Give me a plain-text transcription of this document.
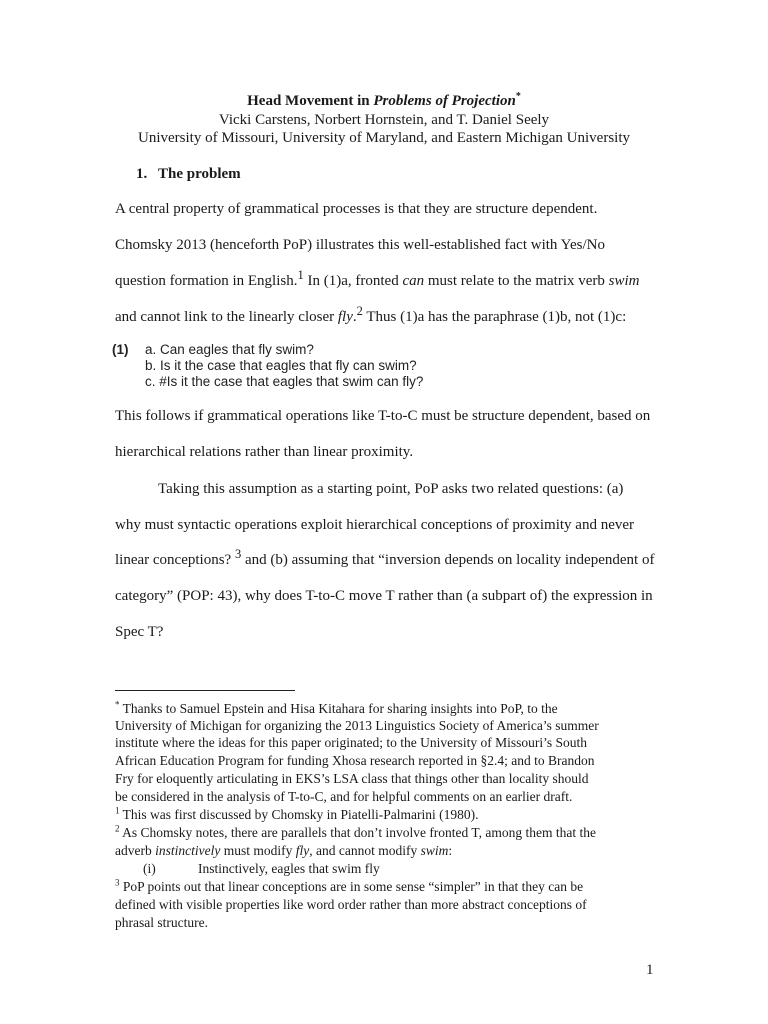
Head Movement in Problems of Projection*
Vicki Carstens, Norbert Hornstein, and T. Daniel Seely
University of Missouri, University of Maryland, and Eastern Michigan University
1. The problem
A central property of grammatical processes is that they are structure dependent.
Chomsky 2013 (henceforth PoP) illustrates this well-established fact with Yes/No
question formation in English.$^1$ In (1)a, fronted can must relate to the matrix verb swim
and cannot link to the linearly closer fly.$^2$ Thus (1)a has the paraphrase (1)b, not (1)c:
(1) a. Can eagles that fly swim?
b. Is it the case that eagles that fly can swim?
c. #Is it the case that eagles that swim can fly?
This follows if grammatical operations like T-to-C must be structure dependent, based on
hierarchical relations rather than linear proximity.
Taking this assumption as a starting point, PoP asks two related questions: (a)
why must syntactic operations exploit hierarchical conceptions of proximity and never
linear conceptions? $^3$ and (b) assuming that “inversion depends on locality independent of
category” (POP: 43), why does T-to-C move T rather than (a subpart of) the expression in
Spec T?
* Thanks to Samuel Epstein and Hisa Kitahara for sharing insights into PoP, to the
University of Michigan for organizing the 2013 Linguistics Society of America’s summer
institute where the ideas for this paper originated; to the University of Missouri’s South
African Education Program for funding Xhosa research reported in §2.4; and to Brandon
Fry for eloquently articulating in EKS’s LSA class that things other than locality should
be considered in the analysis of T-to-C, and for helpful comments on an earlier draft.
$^1$ This was first discussed by Chomsky in Piatelli-Palmarini (1980).
$^2$ As Chomsky notes, there are parallels that don’t involve fronted T, among them that the
adverb instinctively must modify fly, and cannot modify swim:
(i)	Instinctively, eagles that swim fly
$^3$ PoP points out that linear conceptions are in some sense “simpler” in that they can be
defined with visible properties like word order rather than more abstract conceptions of
phrasal structure.
1
